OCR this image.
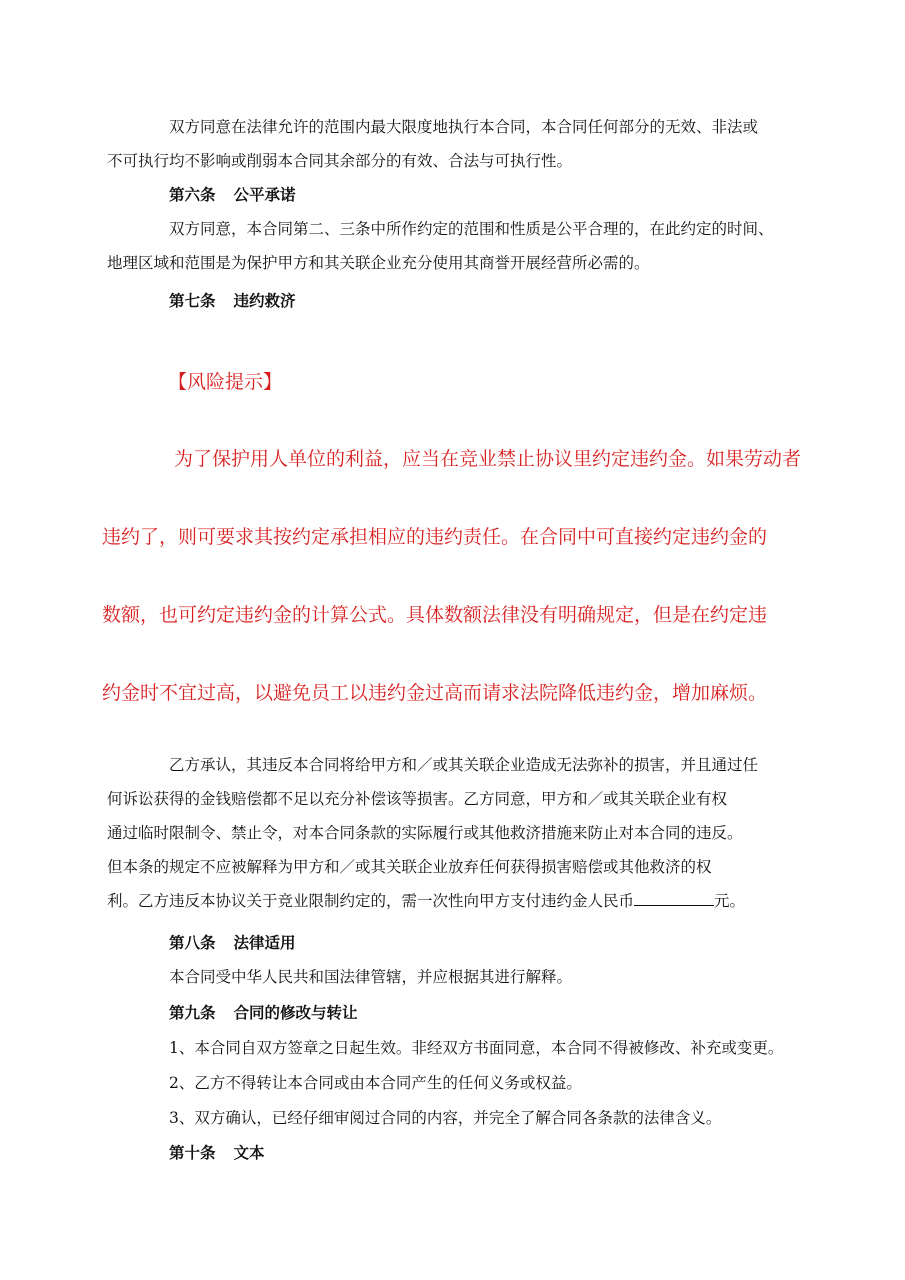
双方同意在法律允许的范围内最大限度地执行本合同，本合同任何部分的无效、非法或
不可执行均不影响或削弱本合同其余部分的有效、合法与可执行性。

第六条 公平承诺

双方同意，本合同第二、三条中所作约定的范围和性质是公平合理的，在此约定的时间、
地理区域和范围是为保护甲方和其关联企业充分使用其商誉开展经营所必需的。

第七条 违约救济

【风险提示】

为了保护用人单位的利益，应当在竞业禁止协议里约定违约金。如果劳动者
违约了，则可要求其按约定承担相应的违约责任。在合同中可直接约定违约金的
数额，也可约定违约金的计算公式。具体数额法律没有明确规定，但是在约定违
约金时不宜过高，以避免员工以违约金过高而请求法院降低违约金，增加麻烦。

乙方承认，其违反本合同将给甲方和／或其关联企业造成无法弥补的损害，并且通过任
何诉讼获得的金钱赔偿都不足以充分补偿该等损害。乙方同意，甲方和／或其关联企业有权
通过临时限制令、禁止令，对本合同条款的实际履行或其他救济措施来防止对本合同的违反。
但本条的规定不应被解释为甲方和／或其关联企业放弃任何获得损害赔偿或其他救济的权
利。乙方违反本协议关于竞业限制约定的，需一次性向甲方支付违约金人民币	元。

第八条 法律适用

本合同受中华人民共和国法律管辖，并应根据其进行解释。

第九条 合同的修改与转让

1、本合同自双方签章之日起生效。非经双方书面同意，本合同不得被修改、补充或变更。

2、乙方不得转让本合同或由本合同产生的任何义务或权益。

3、双方确认，已经仔细审阅过合同的内容，并完全了解合同各条款的法律含义。

第十条 文本
